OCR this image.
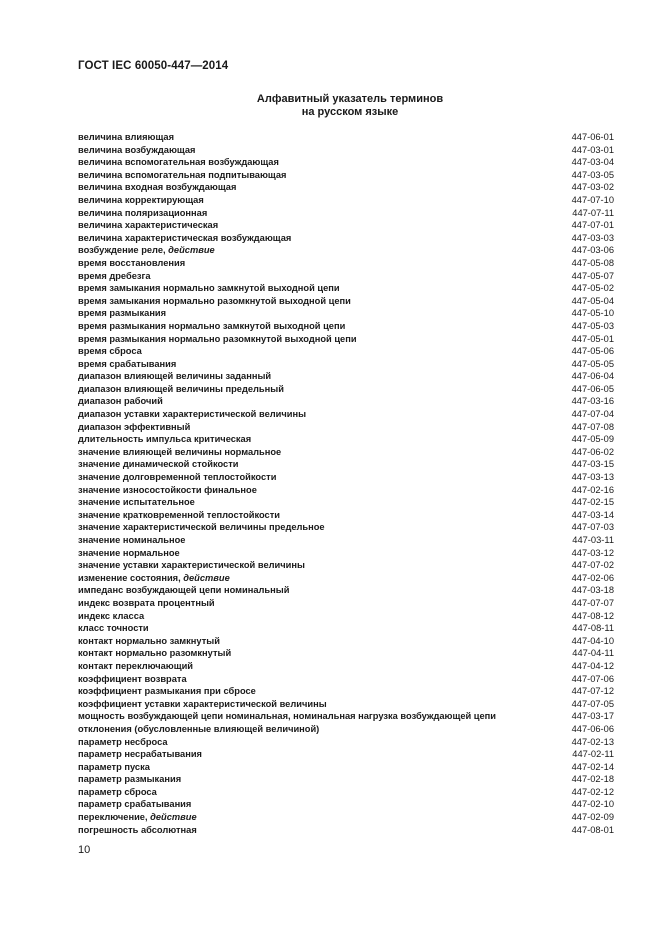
ГОСТ IEC 60050-447—2014
Алфавитный указатель терминов
на русском языке
величина влияющая	447-06-01
величина возбуждающая	447-03-01
величина вспомогательная возбуждающая	447-03-04
величина вспомогательная подпитывающая	447-03-05
величина входная возбуждающая	447-03-02
величина корректирующая	447-07-10
величина поляризационная	447-07-11
величина характеристическая	447-07-01
величина характеристическая возбуждающая	447-03-03
возбуждение реле, действие	447-03-06
время восстановления	447-05-08
время дребезга	447-05-07
время замыкания нормально замкнутой выходной цепи	447-05-02
время замыкания нормально разомкнутой выходной цепи	447-05-04
время размыкания	447-05-10
время размыкания нормально замкнутой выходной цепи	447-05-03
время размыкания нормально разомкнутой выходной цепи	447-05-01
время сброса	447-05-06
время срабатывания	447-05-05
диапазон влияющей величины заданный	447-06-04
диапазон влияющей величины предельный	447-06-05
диапазон рабочий	447-03-16
диапазон уставки характеристической величины	447-07-04
диапазон эффективный	447-07-08
длительность импульса критическая	447-05-09
значение влияющей величины нормальное	447-06-02
значение динамической стойкости	447-03-15
значение долговременной теплостойкости	447-03-13
значение износостойкости финальное	447-02-16
значение испытательное	447-02-15
значение кратковременной теплостойкости	447-03-14
значение характеристической величины предельное	447-07-03
значение номинальное	447-03-11
значение нормальное	447-03-12
значение уставки характеристической величины	447-07-02
изменение состояния, действие	447-02-06
импеданс возбуждающей цепи номинальный	447-03-18
индекс возврата процентный	447-07-07
индекс класса	447-08-12
класс точности	447-08-11
контакт нормально замкнутый	447-04-10
контакт нормально разомкнутый	447-04-11
контакт переключающий	447-04-12
коэффициент возврата	447-07-06
коэффициент размыкания при сбросе	447-07-12
коэффициент уставки характеристической величины	447-07-05
мощность возбуждающей цепи номинальная, номинальная нагрузка возбуждающей цепи	447-03-17
отклонения (обусловленные влияющей величиной)	447-06-06
параметр несброса	447-02-13
параметр несрабатывания	447-02-11
параметр пуска	447-02-14
параметр размыкания	447-02-18
параметр сброса	447-02-12
параметр срабатывания	447-02-10
переключение, действие	447-02-09
погрешность абсолютная	447-08-01
10
